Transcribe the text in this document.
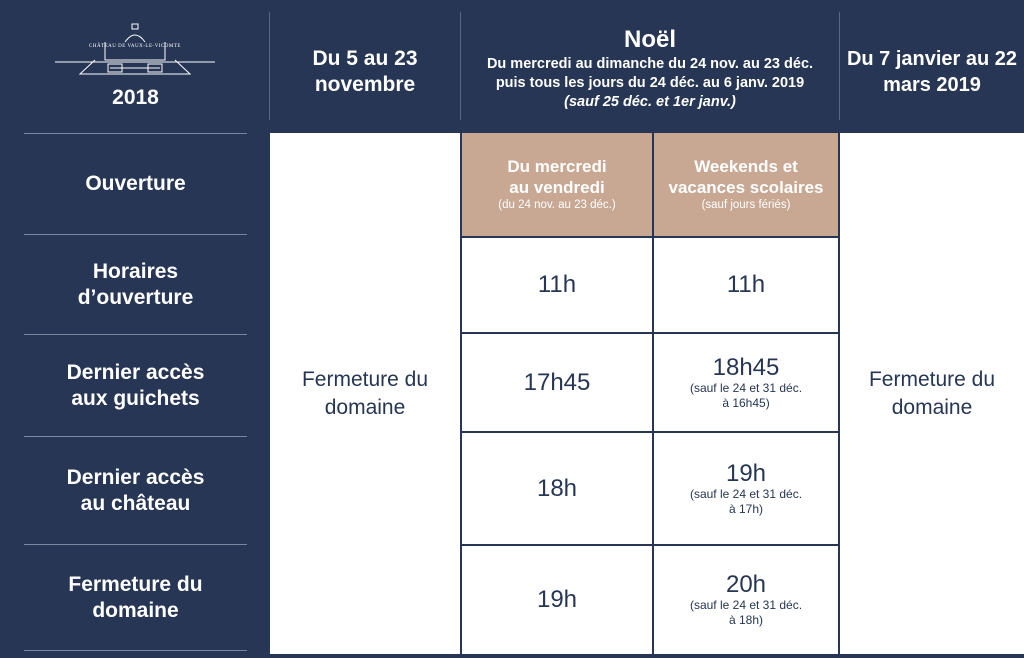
CHÂTEAU DE VAUX-LE-VICOMTE
2018
Du 5 au 23 novembre
Noël
Du mercredi au dimanche du 24 nov. au 23 déc.
puis tous les jours du 24 déc. au 6 janv. 2019
(sauf 25 déc. et 1er janv.)
Du 7 janvier au 22 mars 2019
Ouverture
Horaires
d’ouverture
Dernier accès
aux guichets
Dernier accès
au château
Fermeture du
domaine
Fermeture du
domaine
Fermeture du
domaine
Du mercredi
au vendredi
(du 24 nov. au 23 déc.)
Weekends et
vacances scolaires
(sauf jours fériés)
11h	11h
17h45
18h45
(sauf le 24 et 31 déc.
à 16h45)
18h
19h
(sauf le 24 et 31 déc.
à 17h)
19h
20h
(sauf le 24 et 31 déc.
à 18h)
